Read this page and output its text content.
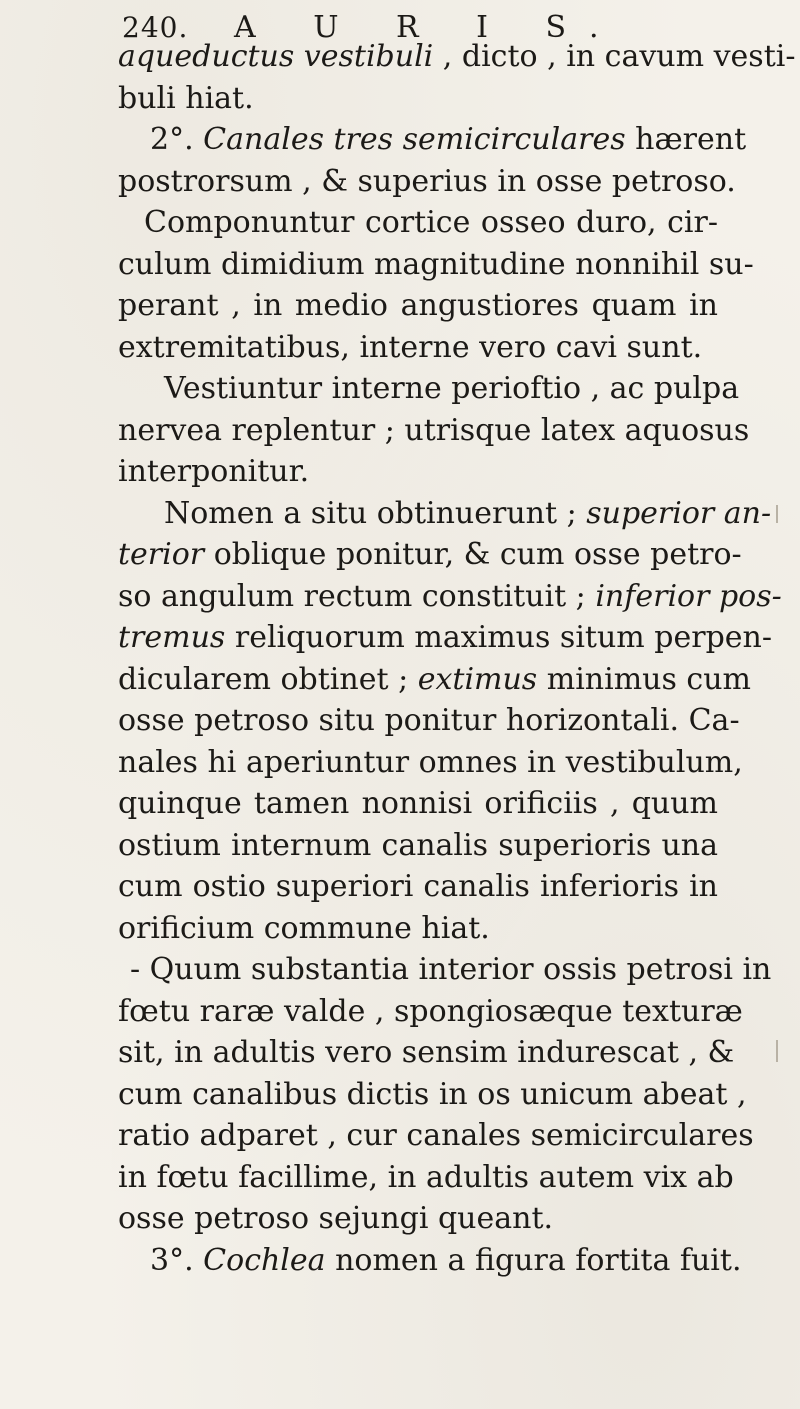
240. A U R I S.
aqueductus vestibuli , dicto , in cavum vesti-
buli hiat.
2°. Canales tres semicirculares hærent
postrorsum , & superius in osse petroso.
Componuntur cortice osseo duro, cir-
culum dimidium magnitudine nonnihil su-
perant , in medio angustiores quam in
extremitatibus, interne vero cavi sunt.
Vestiuntur interne perioftio , ac pulpa
nervea replentur ; utrisque latex aquosus
interponitur.
Nomen a situ obtinuerunt ; superior an-
terior oblique ponitur, & cum osse petro-
so angulum rectum constituit ; inferior pos-
tremus reliquorum maximus situm perpen-
dicularem obtinet ; extimus minimus cum
osse petroso situ ponitur horizontali. Ca-
nales hi aperiuntur omnes in vestibulum,
quinque tamen nonnisi orificiis , quum
ostium internum canalis superioris una
cum ostio superiori canalis inferioris in
orificium commune hiat.
- Quum substantia interior ossis petrosi in
fœtu raræ valde , spongiosæque texturæ
sit, in adultis vero sensim indurescat , &
cum canalibus dictis in os unicum abeat ,
ratio adparet , cur canales semicirculares
in fœtu facillime, in adultis autem vix ab
osse petroso sejungi queant.
3°. Cochlea nomen a figura fortita fuit.
